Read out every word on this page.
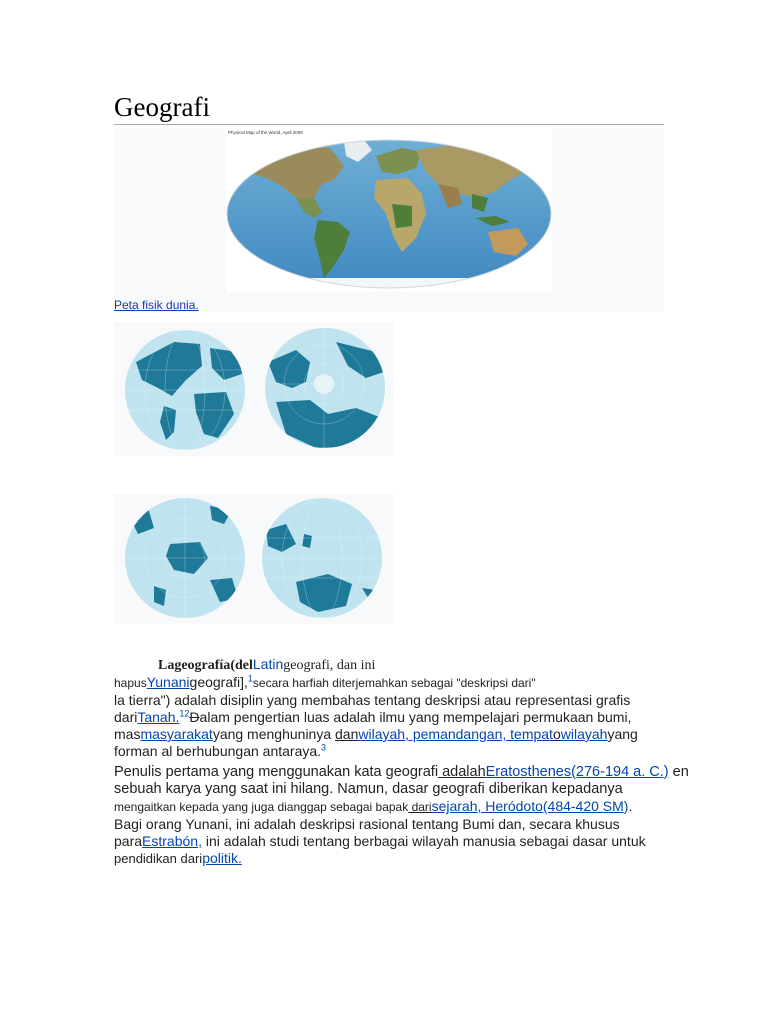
Geografi
Physical Map of the World, April 2008
Peta fisik dunia.
Lageografía(delLatingeografi, dan ini
hapusYunanigeografi],$^1$secara harfiah diterjemahkan sebagai "deskripsi dari"
la tierra") adalah disiplin yang membahas tentang deskripsi atau representasi grafis
dariTanah.$^{12}$Dalam pengertian luas adalah ilmu yang mempelajari permukaan bumi,
masmasyarakatyang menghuninya danwilayah, pemandangan, tempatowilayahyang
forman al berhubungan antaraya.$^3$
Penulis pertama yang menggunakan kata geografi adalahEratosthenes(276-194 a. C.) en
sebuah karya yang saat ini hilang. Namun, dasar geografi diberikan kepadanya
mengaitkan kepada yang juga dianggap sebagai bapak darisejarah, Heródoto(484-420 SM).
Bagi orang Yunani, ini adalah deskripsi rasional tentang Bumi dan, secara khusus
paraEstrabón, ini adalah studi tentang berbagai wilayah manusia sebagai dasar untuk
pendidikan daripolitik.
